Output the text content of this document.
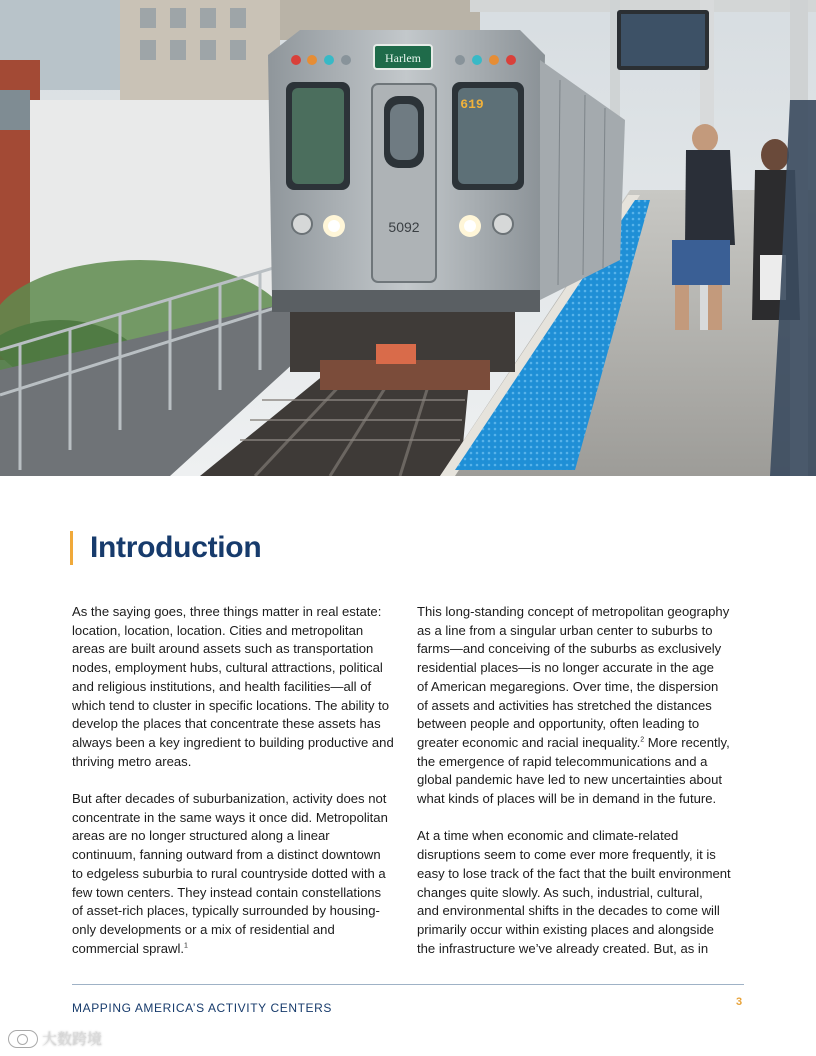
Harlem
619
5092
Introduction

As the saying goes, three things matter in real estate:
location, location, location. Cities and metropolitan
areas are built around assets such as transportation
nodes, employment hubs, cultural attractions, political
and religious institutions, and health facilities—all of
which tend to cluster in specific locations. The ability to
develop the places that concentrate these assets has
always been a key ingredient to building productive and
thriving metro areas.

But after decades of suburbanization, activity does not
concentrate in the same ways it once did. Metropolitan
areas are no longer structured along a linear
continuum, fanning outward from a distinct downtown
to edgeless suburbia to rural countryside dotted with a
few town centers. They instead contain constellations
of asset-rich places, typically surrounded by housing-
only developments or a mix of residential and
commercial sprawl.$^1$

This long-standing concept of metropolitan geography
as a line from a singular urban center to suburbs to
farms—and conceiving of the suburbs as exclusively
residential places—is no longer accurate in the age
of American megaregions. Over time, the dispersion
of assets and activities has stretched the distances
between people and opportunity, often leading to
greater economic and racial inequality.$^2$ More recently,
the emergence of rapid telecommunications and a
global pandemic have led to new uncertainties about
what kinds of places will be in demand in the future.

At a time when economic and climate-related
disruptions seem to come ever more frequently, it is
easy to lose track of the fact that the built environment
changes quite slowly. As such, industrial, cultural,
and environmental shifts in the decades to come will
primarily occur within existing places and alongside
the infrastructure we’ve already created. But, as in

MAPPING AMERICA’S ACTIVITY CENTERS	3
大数跨境
